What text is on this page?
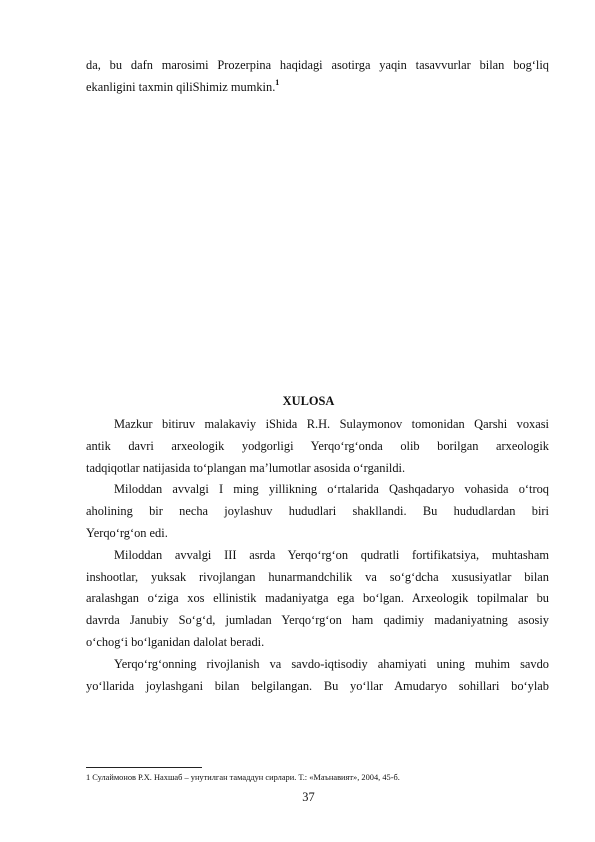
da, bu dafn marosimi Prozerpina haqidagi asotirga yaqin tasavvurlar bilan bog‘liq
ekanligini taxmin qiliShimiz mumkin.$^1$
XULOSA
Mazkur bitiruv malakaviy iShida R.H. Sulaymonov tomonidan Qarshi voxasi
antik davri arxeologik yodgorligi Yerqo‘rg‘onda olib borilgan arxeologik
tadqiqotlar natijasida to‘plangan ma’lumotlar asosida o‘rganildi.
Miloddan avvalgi I ming yillikning o‘rtalarida Qashqadaryo vohasida o‘troq
aholining bir necha joylashuv hududlari shakllandi. Bu hududlardan biri
Yerqo‘rg‘on edi.
Miloddan avvalgi III asrda Yerqo‘rg‘on qudratli fortifikatsiya, muhtasham
inshootlar, yuksak rivojlangan hunarmandchilik va so‘g‘dcha xususiyatlar bilan
aralashgan o‘ziga xos ellinistik madaniyatga ega bo‘lgan. Arxeologik topilmalar bu
davrda Janubiy So‘g‘d, jumladan Yerqo‘rg‘on ham qadimiy madaniyatning asosiy
o‘chog‘i bo‘lganidan dalolat beradi.
Yerqo‘rg‘onning rivojlanish va savdo-iqtisodiy ahamiyati uning muhim savdo
yo‘llarida joylashgani bilan belgilangan. Bu yo‘llar Amudaryo sohillari bo‘ylab
1 Сулаймонов Р.Х. Нахшаб – унутилган тамаддун сирлари. Т.: «Маънавият», 2004, 45-б.
37
